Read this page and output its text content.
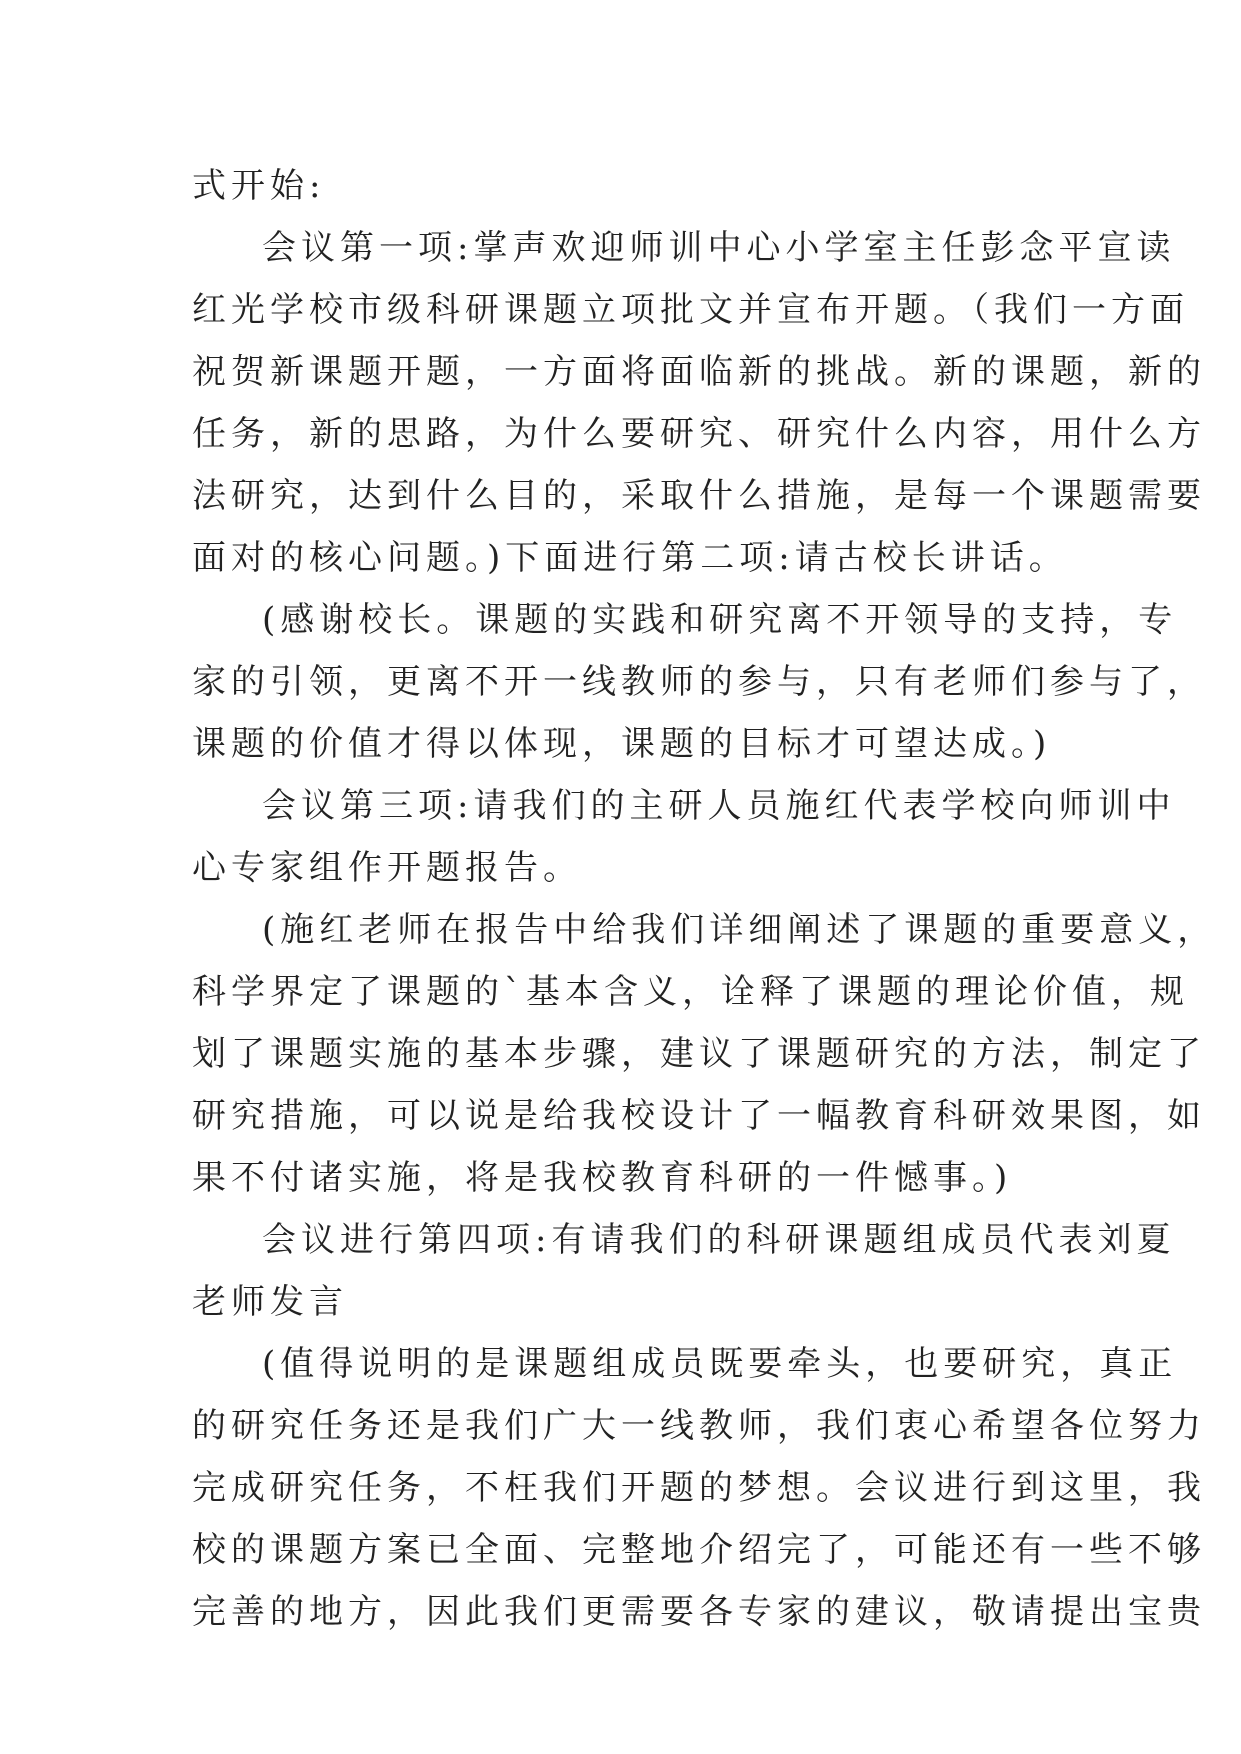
式开始:
会议第一项:掌声欢迎师训中心小学室主任彭念平宣读
红光学校市级科研课题立项批文并宣布开题。（我们一方面
祝贺新课题开题，一方面将面临新的挑战。新的课题，新的
任务，新的思路，为什么要研究、研究什么内容，用什么方
法研究，达到什么目的，采取什么措施，是每一个课题需要
面对的核心问题。)下面进行第二项:请古校长讲话。
(感谢校长。课题的实践和研究离不开领导的支持，专
家的引领，更离不开一线教师的参与，只有老师们参与了，
课题的价值才得以体现，课题的目标才可望达成。)
会议第三项:请我们的主研人员施红代表学校向师训中
心专家组作开题报告。
(施红老师在报告中给我们详细阐述了课题的重要意义，
科学界定了课题的`基本含义，诠释了课题的理论价值，规
划了课题实施的基本步骤，建议了课题研究的方法，制定了
研究措施，可以说是给我校设计了一幅教育科研效果图，如
果不付诸实施，将是我校教育科研的一件憾事。)
会议进行第四项:有请我们的科研课题组成员代表刘夏
老师发言
(值得说明的是课题组成员既要牵头，也要研究，真正
的研究任务还是我们广大一线教师，我们衷心希望各位努力
完成研究任务，不枉我们开题的梦想。会议进行到这里，我
校的课题方案已全面、完整地介绍完了，可能还有一些不够
完善的地方，因此我们更需要各专家的建议，敬请提出宝贵
